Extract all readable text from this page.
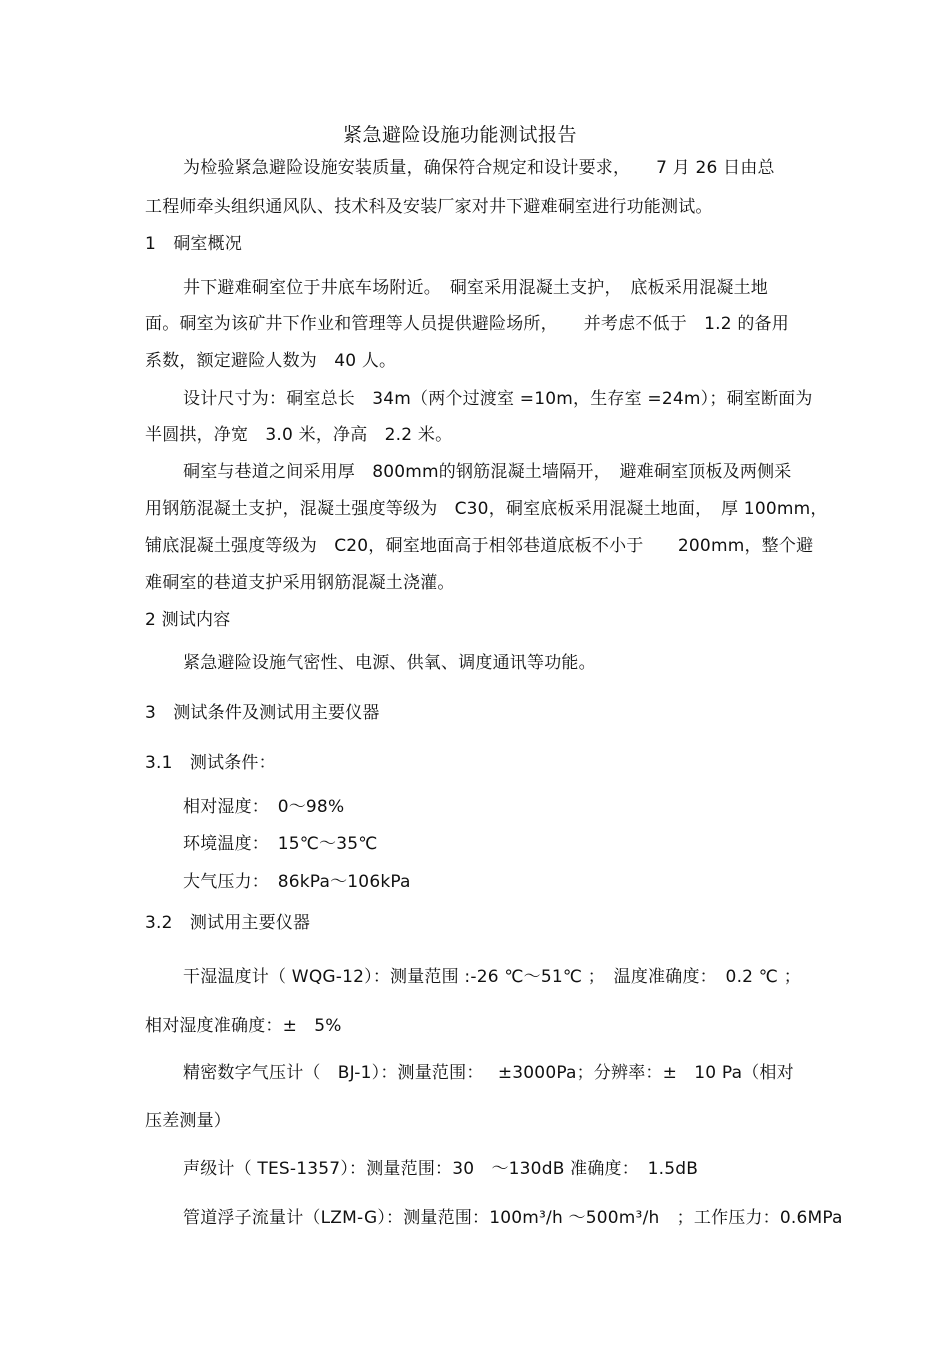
紧急避险设施功能测试报告
为检验紧急避险设施安装质量，确保符合规定和设计要求，　　7 月 26 日由总
工程师牵头组织通风队、技术科及安装厂家对井下避难硐室进行功能测试。
1　硐室概况
井下避难硐室位于井底车场附近。　硐室采用混凝土支护，　底板采用混凝土地
面。硐室为该矿井下作业和管理等人员提供避险场所，　　并考虑不低于　1.2 的备用
系数，额定避险人数为　40 人。
设计尺寸为：硐室总长　34m（两个过渡室 =10m，生存室 =24m）；硐室断面为
半圆拱，净宽　3.0 米，净高　2.2 米。
硐室与巷道之间采用厚　800mm的钢筋混凝土墙隔开，　避难硐室顶板及两侧采
用钢筋混凝土支护，混凝土强度等级为　C30，硐室底板采用混凝土地面，　厚 100mm，
铺底混凝土强度等级为　C20，硐室地面高于相邻巷道底板不小于　　200mm，整个避
难硐室的巷道支护采用钢筋混凝土浇灌。
2 测试内容
紧急避险设施气密性、电源、供氧、调度通讯等功能。
3　测试条件及测试用主要仪器
3.1　测试条件：
相对湿度：　0～98%
环境温度：　15℃～35℃
大气压力：　86kPa～106kPa
3.2　测试用主要仪器
干湿温度计（ WQG-12）：测量范围 :-26 ℃～51℃ ；　温度准确度：　0.2 ℃ ；
相对湿度准确度：±　5%
精密数字气压计（　BJ-1）：测量范围：　 ±3000Pa；分辨率：±　10 Pa（相对
压差测量）
声级计（ TES-1357）：测量范围：30　～130dB 准确度：　1.5dB
管道浮子流量计（LZM-G）：测量范围：100m³/h ～500m³/h　；工作压力：0.6MPa
